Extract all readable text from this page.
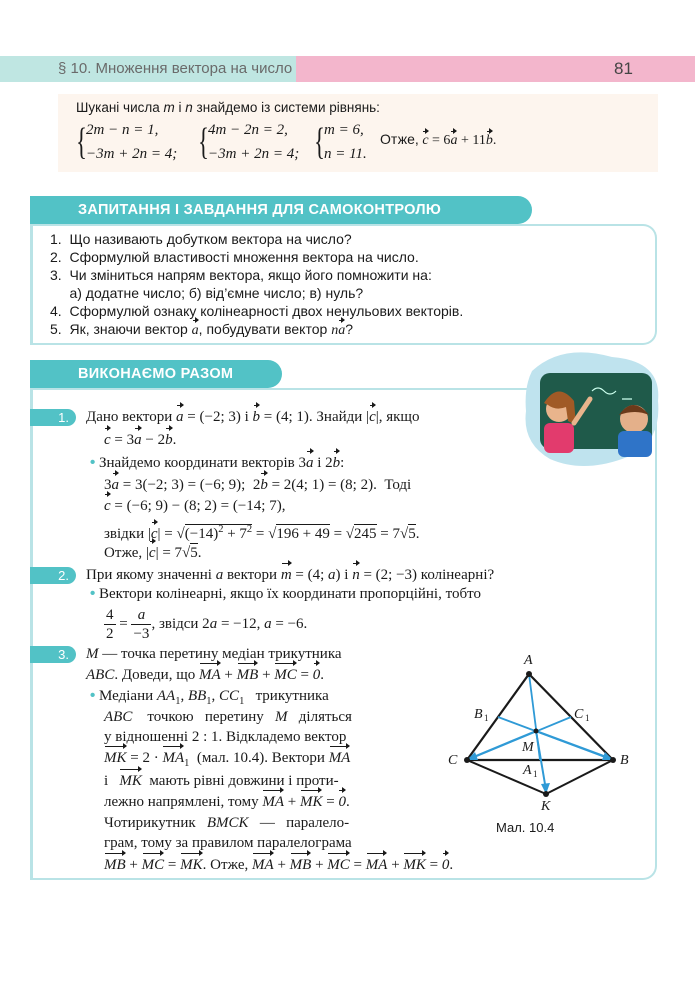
§ 10. Множення вектора на число	81
Шукані числа m і n знайдемо із системи рівнянь:
{ 2m − n = 1,
−3m + 2n = 4; { 4m − 2n = 2,
−3m + 2n = 4; { m = 6,
n = 11.
Отже, c = 6a + 11b.
ЗАПИТАННЯ І ЗАВДАННЯ ДЛЯ САМОКОНТРОЛЮ
1.  Що називають добутком вектора на число?
2.  Сформулюй властивості множення вектора на число.
3.  Чи зміниться напрям вектора, якщо його помножити на:
а) додатне число; б) від’ємне число; в) нуль?
4.  Сформулюй ознаку колінеарності двох ненульових векторів.
5.  Як, знаючи вектор a, побудувати вектор na?
ВИКОНАЄМО РАЗОМ
1.	Дано вектори a = (−2; 3) і b = (4; 1). Знайди |c|, якщо
c = 3a − 2b.
• Знайдемо координати векторів 3a і 2b:
3a = 3(−2; 3) = (−6; 9);  2b = 2(4; 1) = (8; 2).  Тоді
c = (−6; 9) − (8; 2) = (−14; 7),
звідки $|c| = √(-14)^2 + 7^2 = √196 + 49 = √245 = 7√5$.
Отже, |c| = 7√5.
2.	При якому значенні a вектори m = (4; a) і n = (2; −3) колінеарні?
• Вектори колінеарні, якщо їх координати пропорційні, тобто
$\frac{4}{2} = \frac{a}{-3}$ , звідси 2a = −12, a = −6.
3.	M — точка перетину медіан трикутника
ABC. Доведи, що MA + MB + MC = 0.
• Медіани $AA_1$, $BB_1$, $CC_1$   трикутника
ABC    точкою   перетину   M   діляться
у відношенні 2 : 1. Відкладемо вектор
MK = $2 \cdot MA_1$  (мал. 10.4). Вектори MA
і   MK  мають рівні довжини і проти-
лежно напрямлені, тому MA + MK = 0.
Чотирикутник   BMCK   —   паралело-
грам, тому за правилом паралелограма
MB + MC = MK. Отже, MA + MB + MC = MA + MK = 0.
A
B
C
M
K
B	C
A
1	1
1
Мал. 10.4
